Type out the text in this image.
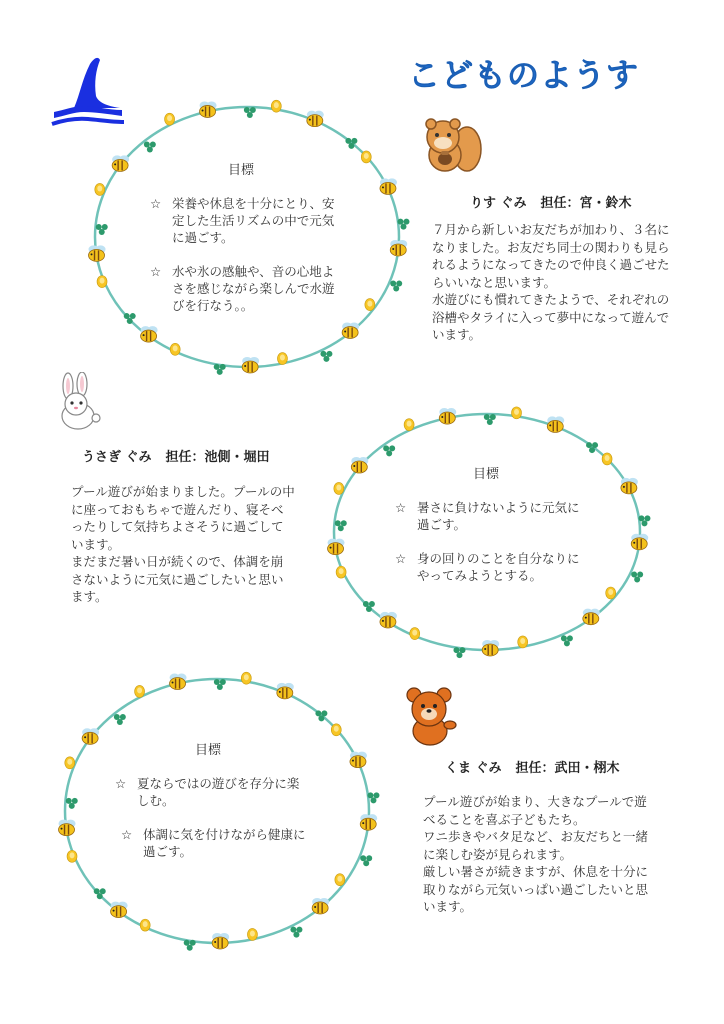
こどものようす
目標
☆ 栄養や休息を十分にとり、安定した生活リズムの中で元気に過ごす。
☆ 水や氷の感触や、音の心地よさを感じながら楽しんで水遊びを行なう。。
りす ぐみ 担任：宮・鈴木

７月から新しいお友だちが加わり、３名になりました。お友だち同士の関わりも見られるようになってきたので仲良く過ごせたらいいなと思います。

水遊びにも慣れてきたようで、それぞれの浴槽やタライに入って夢中になって遊んでいます。

うさぎ ぐみ 担任：池側・堀田

プール遊びが始まりました。プールの中に座っておもちゃで遊んだり、寝そべったりして気持ちよさそうに過ごしています。

まだまだ暑い日が続くので、体調を崩さないように元気に過ごしたいと思います。

目標
☆ 暑さに負けないように元気に過ごす。
☆ 身の回りのことを自分なりにやってみようとする。
目標
☆ 夏ならではの遊びを存分に楽しむ。
☆ 体調に気を付けながら健康に過ごす。
くま ぐみ 担任：武田・栩木

プール遊びが始まり、大きなプールで遊べることを喜ぶ子どもたち。

ワニ歩きやバタ足など、お友だちと一緒に楽しむ姿が見られます。

厳しい暑さが続きますが、休息を十分に取りながら元気いっぱい過ごしたいと思います。
